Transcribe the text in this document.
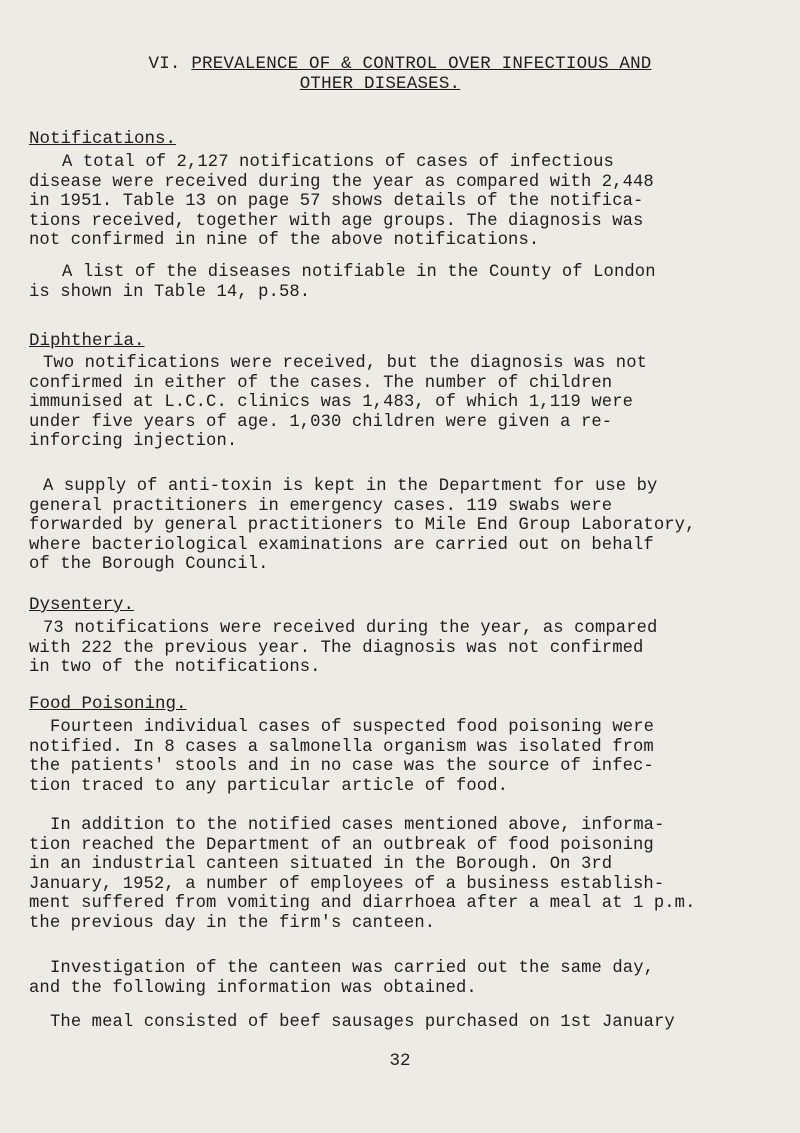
VI. PREVALENCE OF & CONTROL OVER INFECTIOUS AND
OTHER DISEASES.
Notifications.
A total of 2,127 notifications of cases of infectious
disease were received during the year as compared with 2,448
in 1951. Table 13 on page 57 shows details of the notifica-
tions received, together with age groups. The diagnosis was
not confirmed in nine of the above notifications.
A list of the diseases notifiable in the County of London
is shown in Table 14, p.58.
Diphtheria.
Two notifications were received, but the diagnosis was not
confirmed in either of the cases. The number of children
immunised at L.C.C. clinics was 1,483, of which 1,119 were
under five years of age. 1,030 children were given a re-
inforcing injection.
A supply of anti-toxin is kept in the Department for use by
general practitioners in emergency cases. 119 swabs were
forwarded by general practitioners to Mile End Group Laboratory,
where bacteriological examinations are carried out on behalf
of the Borough Council.
Dysentery.
73 notifications were received during the year, as compared
with 222 the previous year. The diagnosis was not confirmed
in two of the notifications.
Food Poisoning.
Fourteen individual cases of suspected food poisoning were
notified. In 8 cases a salmonella organism was isolated from
the patients' stools and in no case was the source of infec-
tion traced to any particular article of food.
In addition to the notified cases mentioned above, informa-
tion reached the Department of an outbreak of food poisoning
in an industrial canteen situated in the Borough. On 3rd
January, 1952, a number of employees of a business establish-
ment suffered from vomiting and diarrhoea after a meal at 1 p.m.
the previous day in the firm's canteen.
Investigation of the canteen was carried out the same day,
and the following information was obtained.
The meal consisted of beef sausages purchased on 1st January
32
